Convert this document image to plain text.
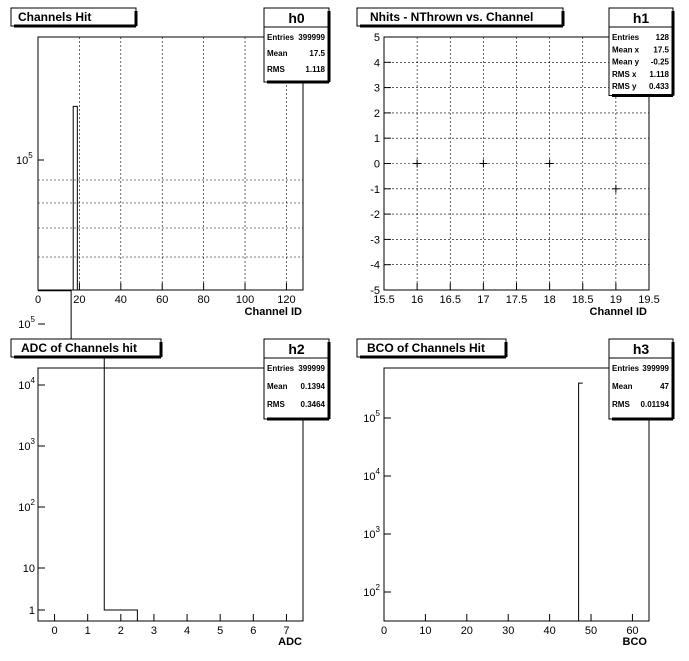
0	20	40	60	80 100 120
$10^5$
Channel ID
Channels Hit	h0
Entries 399999
Mean	17.5
RMS	1.118
15.5 16 16.5 17 17.5 18 18.5 19 19.5
-5
-4
-3
-2
-1
0
1
2
3
4
5
Channel ID
Nhits - NThrown vs. Channel	h1
Entries 128
Mean x 17.5
Mean y -0.25
RMS x 1.118
RMS y 0.433
0 1 2 3 4 5 6 7
1
10
$10^2$
$10^3$
$10^4$
$10^5$
ADC
ADC of Channels hit	h2
Entries 399999
Mean 0.1394
RMS 0.3464
0	10	20	30	40	50	60
$10^2$
$10^3$
$10^4$
$10^5$
BCO
BCO of Channels Hit	h3
Entries 399999
Mean	47
RMS 0.01194
